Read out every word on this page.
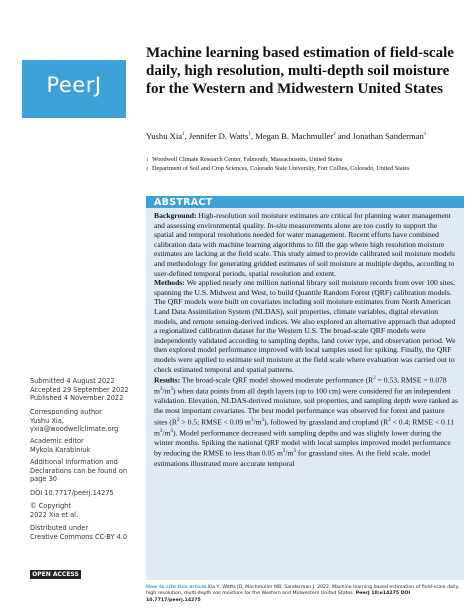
PeerJ
Machine learning based estimation of field-scale daily, high resolution, multi-depth soil moisture for the Western and Midwestern United States
Yushu Xia$^1$, Jennifer D. Watts$^1$, Megan B. Machmuller$^2$ and Jonathan Sanderman$^1$
1 Woodwell Climate Research Center, Falmouth, Massachusetts, United States
2 Department of Soil and Crop Sciences, Colorado State University, Fort Collins, Colorado, United States
ABSTRACT

Background: High-resolution soil moisture estimates are critical for planning water management and assessing environmental quality. In-situ measurements alone are too costly to support the spatial and temporal resolutions needed for water management. Recent efforts have combined calibration data with machine learning algorithms to fill the gap where high resolution moisture estimates are lacking at the field scale. This study aimed to provide calibrated soil moisture models and methodology for generating gridded estimates of soil moisture at multiple depths, according to user-defined temporal periods, spatial resolution and extent.

Methods: We applied nearly one million national library soil moisture records from over 100 sites, spanning the U.S. Midwest and West, to build Quantile Random Forest (QRF) calibration models. The QRF models were built on covariates including soil moisture estimates from North American Land Data Assimilation System (NLDAS), soil properties, climate variables, digital elevation models, and remote sensing-derived indices. We also explored an alternative approach that adopted a regionalized calibration dataset for the Western U.S. The broad-scale QRF models were independently validated according to sampling depths, land cover type, and observation period. We then explored model performance improved with local samples used for spiking. Finally, the QRF models were applied to estimate soil moisture at the field scale where evaluation was carried out to check estimated temporal and spatial patterns.

Results: The broad-scale QRF model showed moderate performance ($R^2 = 0.53$, RMSE = 0.078 $m^3/m^3$) when data points from all depth layers (up to 100 cm) were considered for an independent validation. Elevation, NLDAS-derived moisture, soil properties, and sampling depth were ranked as the most important covariates. The best model performance was observed for forest and pasture sites ($R^2 > 0.5$; RMSE < 0.09 $m^3/m^3$), followed by grassland and cropland ($R^2 < 0.4$; RMSE < 0.11 $m^3/m^3$). Model performance decreased with sampling depths and was slightly lower during the winter months. Spiking the national QRF model with local samples improved model performance by reducing the RMSE to less than 0.05 $m^3/m^3$ for grassland sites. At the field scale, model estimations illustrated more accurate temporal

Submitted 4 August 2022
Accepted 29 September 2022
Published 4 November 2022
Corresponding author
Yushu Xia,
yxia@woodwellclimate.org
Academic editor
Mykola Karabiniuk
Additional Information and
Declarations can be found on
page 30
DOI 10.7717/peerj.14275
© Copyright
2022 Xia et al.
Distributed under
Creative Commons CC-BY 4.0
OPEN ACCESS
How to cite this article Xia Y, Watts JD, Machmuller MB, Sanderman J. 2022. Machine learning based estimation of field-scale daily, high resolution, multi-depth soil moisture for the Western and Midwestern United States. PeerJ 10:e14275 DOI 10.7717/peerj.14275
